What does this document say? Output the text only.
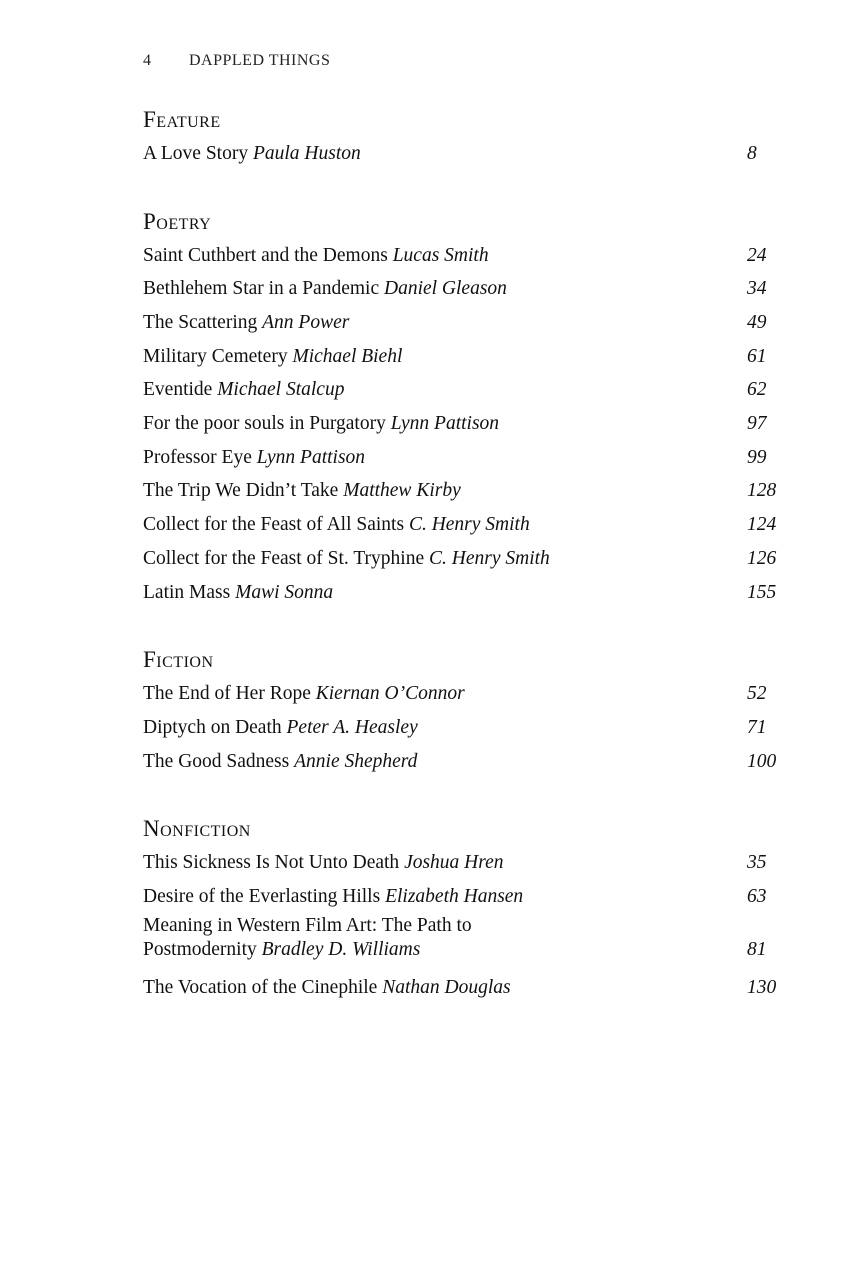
4 DAPPLED THINGS
Feature
A Love Story Paula Huston	8
Poetry
Saint Cuthbert and the Demons Lucas Smith	24
Bethlehem Star in a Pandemic Daniel Gleason	34
The Scattering Ann Power	49
Military Cemetery Michael Biehl	61
Eventide Michael Stalcup	62
For the poor souls in Purgatory Lynn Pattison	97
Professor Eye Lynn Pattison	99
The Trip We Didn’t Take Matthew Kirby	128
Collect for the Feast of All Saints C. Henry Smith	124
Collect for the Feast of St. Tryphine C. Henry Smith	126
Latin Mass Mawi Sonna	155
Fiction
The End of Her Rope Kiernan O’Connor	52
Diptych on Death Peter A. Heasley	71
The Good Sadness Annie Shepherd	100
Nonfiction
This Sickness Is Not Unto Death Joshua Hren	35
Desire of the Everlasting Hills Elizabeth Hansen	63
Meaning in Western Film Art: The Path to
Postmodernity Bradley D. Williams	81
The Vocation of the Cinephile Nathan Douglas	130
